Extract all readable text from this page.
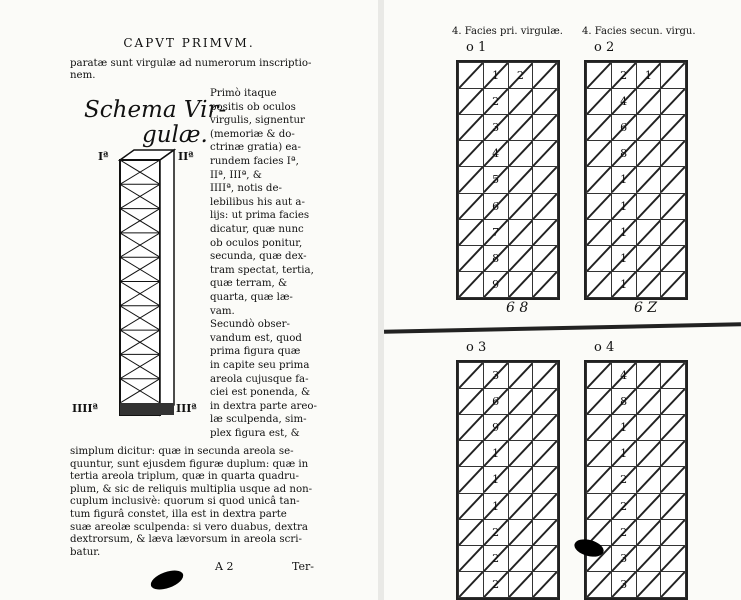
CAPVT PRIMVM.
paratæ sunt virgulæ ad numerorum inscriptio-
nem.
Schema Vir-
gulæ.
Iª	IIª
IIIIª	IIIª
Primò itaque
positis ob oculos
virgulis, signentur
(memoriæ & do-
ctrinæ gratia) ea-
rundem facies Iª,
IIª, IIIª, &
IIIIª, notis de-
lebilibus his aut a-
lijs: ut prima facies
dicatur, quæ nunc
ob oculos ponitur,
secunda, quæ dex-
tram spectat, tertia,
quæ terram, &
quarta, quæ læ-
vam.
Secundò obser-
vandum est, quod
prima figura quæ
in capite seu prima
areola cujusque fa-
ciei est ponenda, &
in dextra parte areo-
læ sculpenda, sim-
plex figura est, &
simplum dicitur: quæ in secunda areola se-
quuntur, sunt ejusdem figuræ duplum: quæ in
tertia areola triplum, quæ in quarta quadru-
plum, & sic de reliquis multiplia usque ad non-
cuplum inclusivè: quorum si quod unicâ tan-
tum figurâ constet, illa est in dextra parte
suæ areolæ sculpenda: si vero duabus, dextra
dextrorsum, & læva lævorsum in areola scri-
batur.
A 2	Ter-
4. Facies pri. virgulæ. 4. Facies secun. virgu.
o 1

1	2	

2	

3	

4	

5	

6	

7	

8	

9	

6 8
o 2

2	1	

4	

6	

8	

1	

1	

1	

1	

1	

6 Z
o 3

3	

6	

9	

1	

1	

1	

2	

2	

2	

o 4

4	

8	

1	

1	

2	

2	

2	

3	

3	
